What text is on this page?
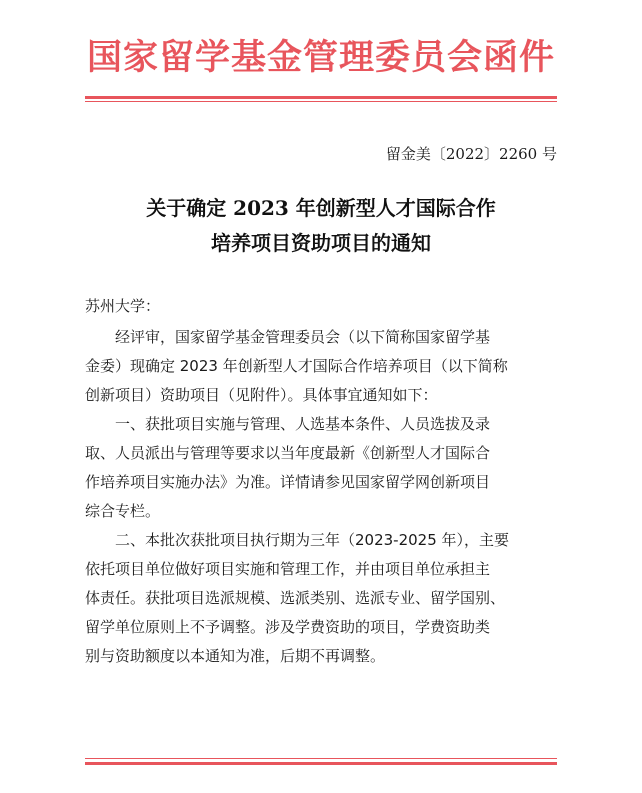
国家留学基金管理委员会函件
留金美〔2022〕2260 号
关于确定 2023 年创新型人才国际合作
培养项目资助项目的通知
苏州大学：
经评审，国家留学基金管理委员会（以下简称国家留学基
金委）现确定 2023 年创新型人才国际合作培养项目（以下简称
创新项目）资助项目（见附件）。具体事宜通知如下：
一、获批项目实施与管理、人选基本条件、人员选拔及录
取、人员派出与管理等要求以当年度最新《创新型人才国际合
作培养项目实施办法》为准。详情请参见国家留学网创新项目
综合专栏。
二、本批次获批项目执行期为三年（2023-2025 年），主要
依托项目单位做好项目实施和管理工作，并由项目单位承担主
体责任。获批项目选派规模、选派类别、选派专业、留学国别、
留学单位原则上不予调整。涉及学费资助的项目，学费资助类
别与资助额度以本通知为准，后期不再调整。
